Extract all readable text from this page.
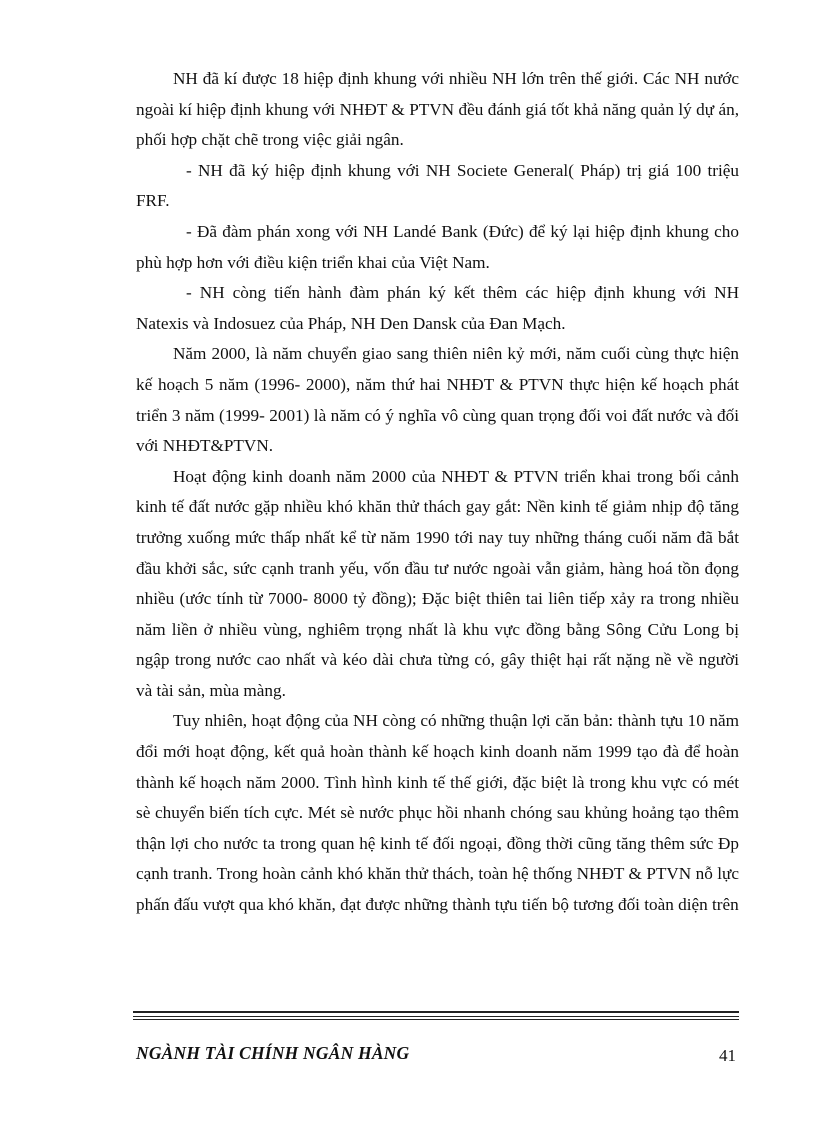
NH đã kí được 18 hiệp định khung với nhiều NH lớn trên thế giới. Các NH nước ngoài kí hiệp định khung với NHĐT & PTVN đều đánh giá tốt khả năng quản lý dự án, phối hợp chặt chẽ trong việc giải ngân.

- NH đã ký hiệp định khung với NH Societe General( Pháp) trị giá 100 triệu FRF.

- Đã đàm phán xong với NH Landé Bank (Đức) để ký lại hiệp định khung cho phù hợp hơn với điều kiện triển khai của Việt Nam.

- NH còng tiến hành đàm phán ký kết thêm các hiệp định khung với NH Natexis và Indosuez của Pháp, NH Den Dansk của Đan Mạch.

Năm 2000, là năm chuyển giao sang thiên niên kỷ mới, năm cuối cùng thực hiện kế hoạch 5 năm (1996- 2000), năm thứ hai NHĐT & PTVN thực hiện kế hoạch phát triển 3 năm (1999- 2001) là năm có ý nghĩa vô cùng quan trọng đối voi đất nước và đối với NHĐT&PTVN.

Hoạt động kinh doanh năm 2000 của NHĐT & PTVN triển khai trong bối cảnh kinh tế đất nước gặp nhiều khó khăn thử thách gay gắt: Nền kinh tế giảm nhịp độ tăng trưởng xuống mức thấp nhất kể từ năm 1990 tới nay tuy những tháng cuối năm đã bắt đầu khởi sắc, sức cạnh tranh yếu, vốn đầu tư nước ngoài vẫn giảm, hàng hoá tồn đọng nhiều (ước tính từ 7000- 8000 tỷ đồng); Đặc biệt thiên tai liên tiếp xảy ra trong nhiều năm liền ở nhiều vùng, nghiêm trọng nhất là khu vực đồng bằng Sông Cửu Long bị ngập trong nước cao nhất và kéo dài chưa từng có, gây thiệt hại rất nặng nề về người và tài sản, mùa màng.

Tuy nhiên, hoạt động của NH còng có những thuận lợi căn bản: thành tựu 10 năm đổi mới hoạt động, kết quả hoàn thành kế hoạch kinh doanh năm 1999 tạo đà để hoàn thành kế hoạch năm 2000. Tình hình kinh tế thế giới, đặc biệt là trong khu vực có mét sè chuyển biến tích cực. Mét sè nước phục hồi nhanh chóng sau khủng hoảng tạo thêm thận lợi cho nước ta trong quan hệ kinh tế đối ngoại, đồng thời cũng tăng thêm sức Đp cạnh tranh. Trong hoàn cảnh khó khăn thử thách, toàn hệ thống NHĐT & PTVN nỗ lực phấn đấu vượt qua khó khăn, đạt được những thành tựu tiến bộ tương đối toàn diện trên

NGÀNH TÀI CHÍNH NGÂN HÀNG	41
